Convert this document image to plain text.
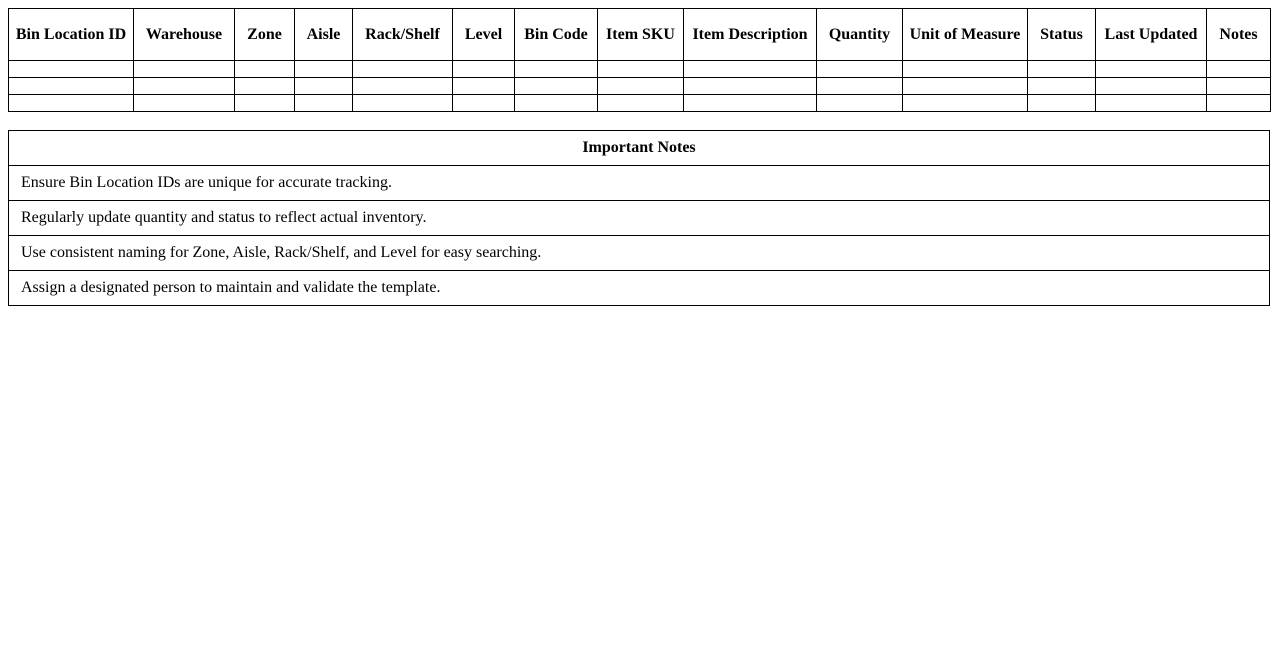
Bin Location ID	Warehouse	Zone	Aisle	Rack/Shelf	Level	Bin Code	Item SKU	Item Description	Quantity	Unit of Measure	Status	Last Updated	Notes

Important Notes
Ensure Bin Location IDs are unique for accurate tracking.
Regularly update quantity and status to reflect actual inventory.
Use consistent naming for Zone, Aisle, Rack/Shelf, and Level for easy searching.
Assign a designated person to maintain and validate the template.
